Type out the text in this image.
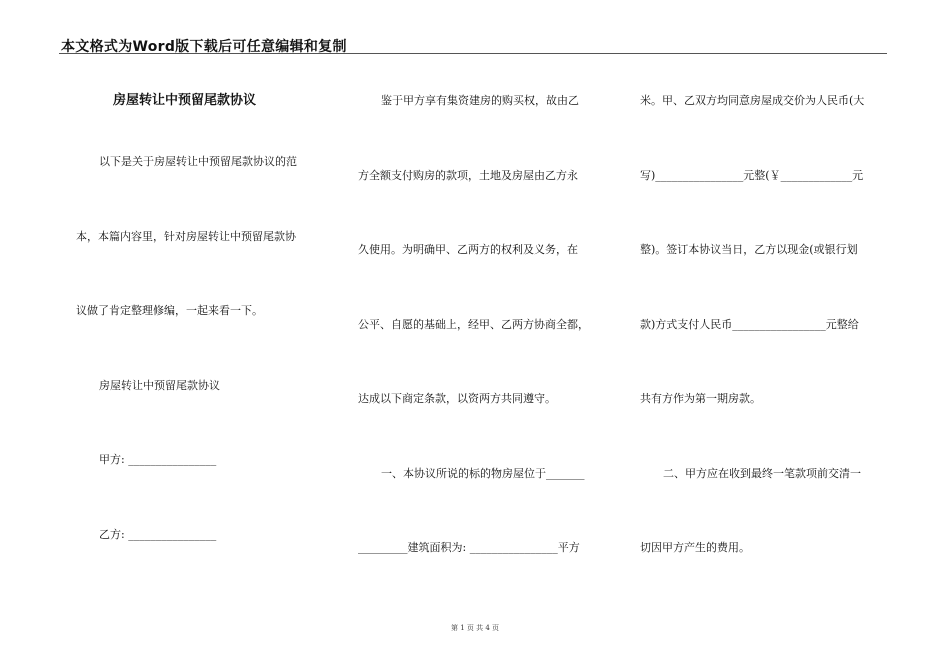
本文格式为Word版下载后可任意编辑和复制
房屋转让中预留尾款协议
以下是关于房屋转让中预留尾款协议的范
本，本篇内容里，针对房屋转让中预留尾款协
议做了肯定整理修编，一起来看一下。
房屋转让中预留尾款协议
甲方: ________________
乙方: ________________
鉴于甲方享有集资建房的购买权，故由乙
方全额支付购房的款项，土地及房屋由乙方永
久使用。为明确甲、乙两方的权利及义务，在
公平、自愿的基础上，经甲、乙两方协商全都，
达成以下商定条款，以资两方共同遵守。
一、本协议所说的标的物房屋位于_______
_________建筑面积为: ________________平方
米。甲、乙双方均同意房屋成交价为人民币(大
写)________________元整(￥_____________元
整)。签订本协议当日，乙方以现金(或银行划
款)方式支付人民币_________________元整给
共有方作为第一期房款。
二、甲方应在收到最终一笔款项前交清一
切因甲方产生的费用。
第 1 页 共 4 页
